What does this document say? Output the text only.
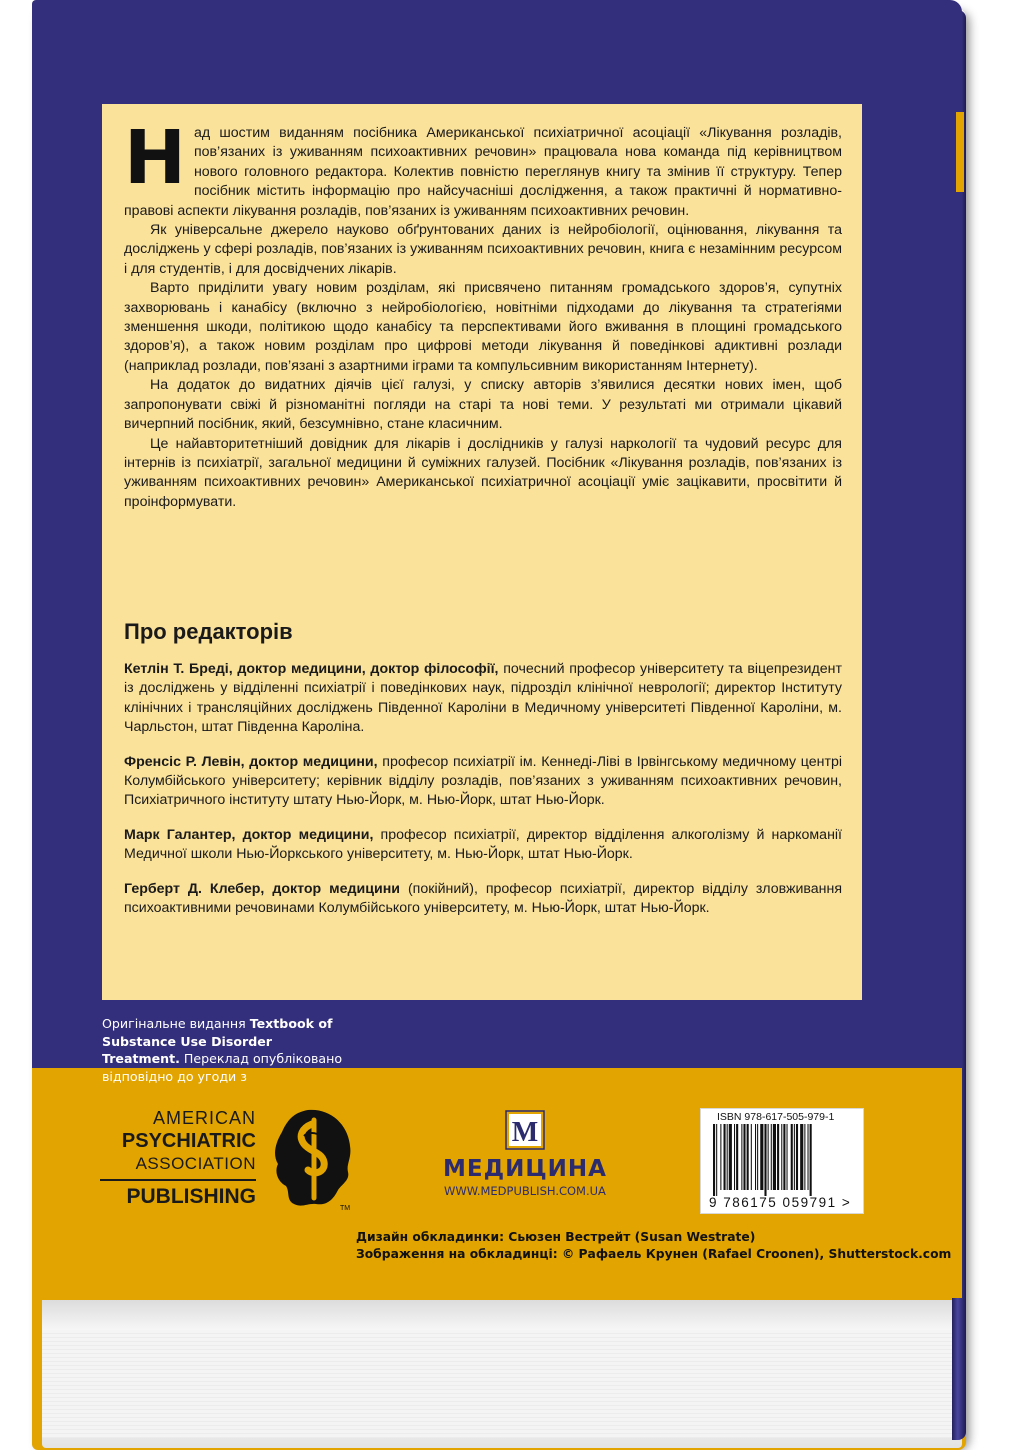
Н ад шостим виданням посібника Американської психіатричної асоціації «Лікування розладів, пов’язаних із уживанням психоактивних речовин» працювала нова команда під керівництвом нового головного редактора. Колектив повністю переглянув книгу та змінив її структуру. Тепер посібник містить інформацію про найсучасніші дослідження, а також практичні й нормативно-правові аспекти лікування розладів, пов’язаних із уживанням психоактивних речовин.

Як універсальне джерело науково обґрунтованих даних із нейробіології, оцінювання, лікування та досліджень у сфері розладів, пов’язаних із уживанням психоактивних речовин, книга є незамінним ресурсом і для студентів, і для досвідчених лікарів.

Варто приділити увагу новим розділам, які присвячено питанням громадського здоров’я, супутніх захворювань і канабісу (включно з нейробіологією, новітніми підходами до лікування та стратегіями зменшення шкоди, політикою щодо канабісу та перспективами його вживання в площині громадського здоров’я), а також новим розділам про цифрові методи лікування й поведінкові адиктивні розлади (наприклад розлади, пов’язані з азартними іграми та компульсивним використанням Інтернету).

На додаток до видатних діячів цієї галузі, у списку авторів з’явилися десятки нових імен, щоб запропонувати свіжі й різноманітні погляди на старі та нові теми. У результаті ми отримали цікавий вичерпний посібник, який, безсумнівно, стане класичним.

Це найавторитетніший довідник для лікарів і дослідників у галузі наркології та чудовий ресурс для інтернів із психіатрії, загальної медицини й суміжних галузей. Посібник «Лікування розладів, пов’язаних із уживанням психоактивних речовин» Американської психіатричної асоціації уміє зацікавити, просвітити й проінформувати.

Про редакторів

Кетлін Т. Бреді, доктор медицини, доктор філософії, почесний професор університету та віцепрезидент із досліджень у відділенні психіатрії і поведінкових наук, підрозділ клінічної неврології; директор Інституту клінічних і трансляційних досліджень Південної Кароліни в Медичному університеті Південної Кароліни, м. Чарльстон, штат Південна Кароліна.

Френсіс Р. Левін, доктор медицини, професор психіатрії ім. Кеннеді-Ліві в Ірвінгському медичному центрі Колумбійського університету; керівник відділу розладів, пов’язаних з уживанням психоактивних речовин, Психіатричного інституту штату Нью-Йорк, м. Нью-Йорк, штат Нью-Йорк.

Марк Галантер, доктор медицини, професор психіатрії, директор відділення алкоголізму й наркоманії Медичної школи Нью-Йоркського університету, м. Нью-Йорк, штат Нью-Йорк.

Герберт Д. Клебер, доктор медицини (покійний), професор психіатрії, директор відділу зловживання психоактивними речовинами Колумбійського університету, м. Нью-Йорк, штат Нью-Йорк.

Оригінальне видання Textbook of Substance Use Disorder Treatment. Переклад опубліковано відповідно до угоди з
AMERICAN
PSYCHIATRIC
ASSOCIATION
PUBLISHING
TM
M
МЕДИЦИНА
WWW.MEDPUBLISH.COM.UA
ISBN 978-617-505-979-1
9 786175 059791 >
Дизайн обкладинки: Сьюзен Вестрейт (Susan Westrate)
Зображення на обкладинці: © Рафаель Крунен (Rafael Croonen), Shutterstock.com
